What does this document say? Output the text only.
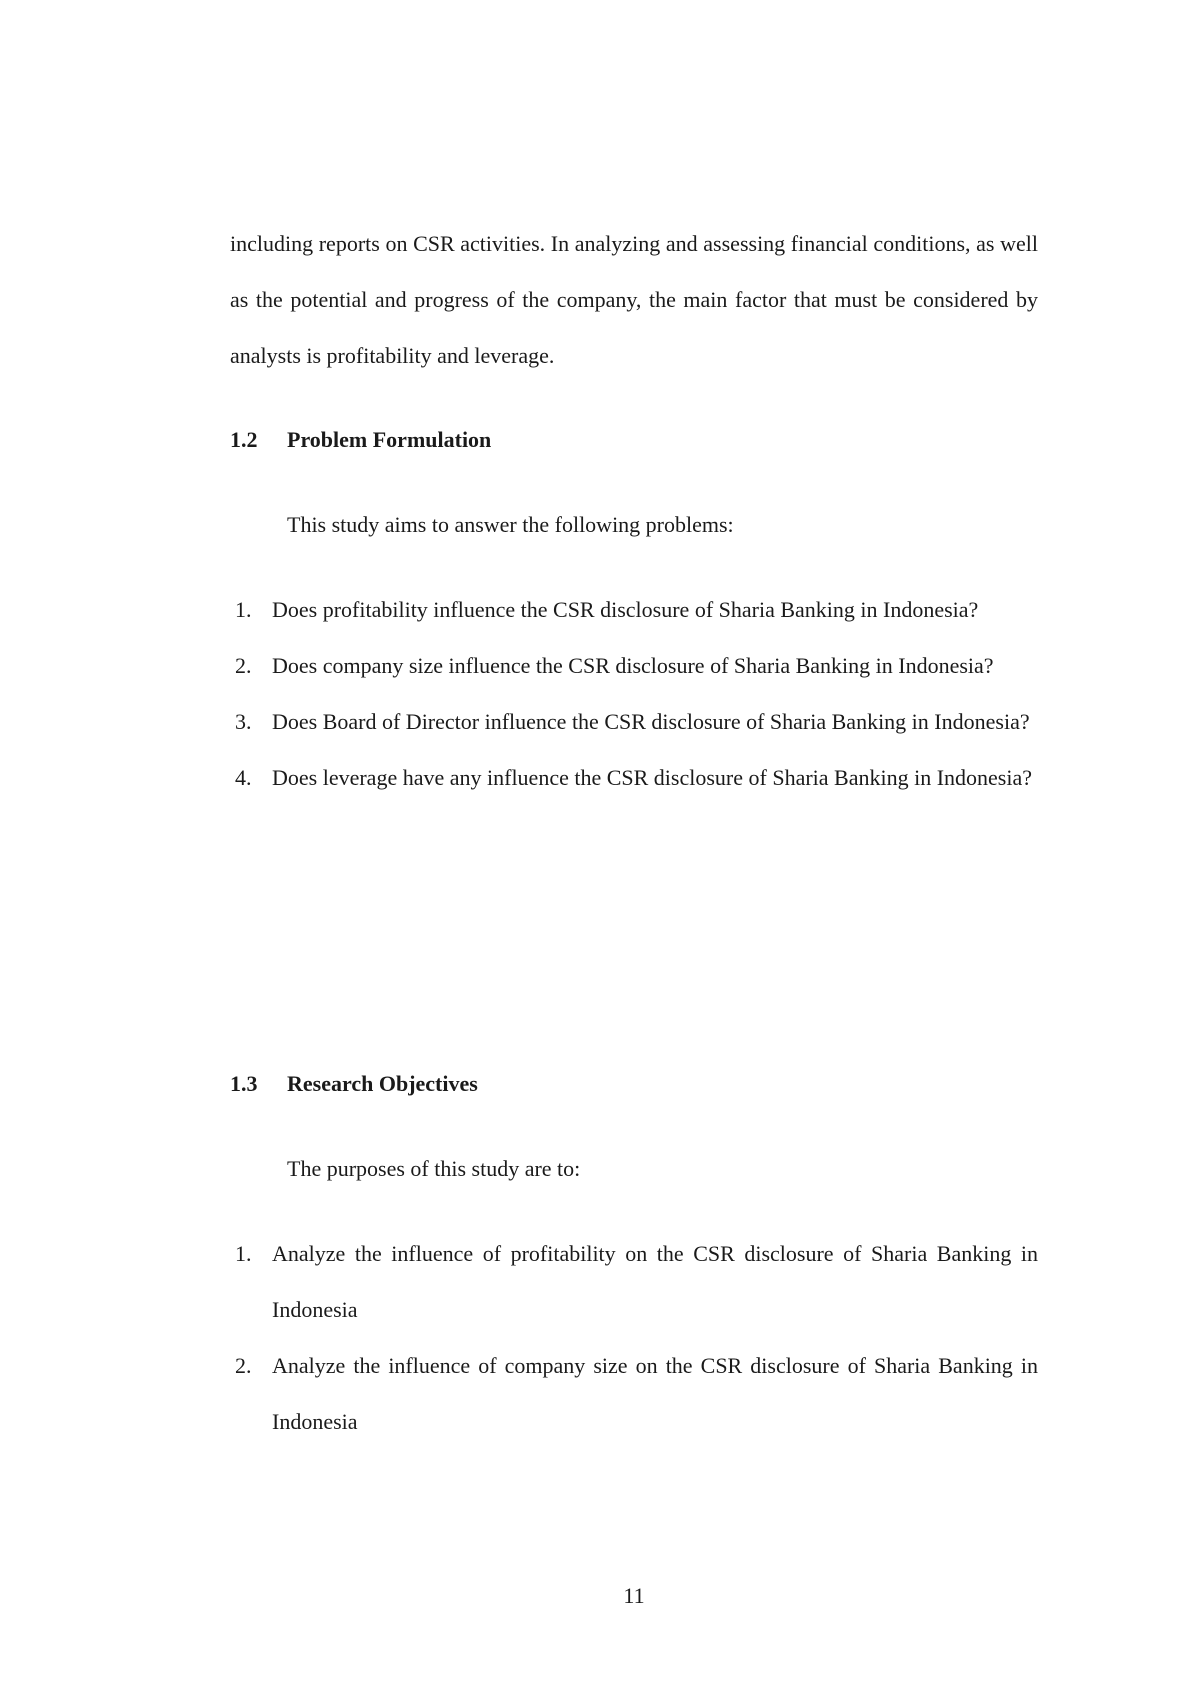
including reports on CSR activities. In analyzing and assessing financial conditions, as well as the potential and progress of the company, the main factor that must be considered by analysts is profitability and leverage.

1.2 Problem Formulation

This study aims to answer the following problems:

1. Does profitability influence the CSR disclosure of Sharia Banking in Indonesia?
2. Does company size influence the CSR disclosure of Sharia Banking in Indonesia?
3. Does Board of Director influence the CSR disclosure of Sharia Banking in Indonesia?
4. Does leverage have any influence the CSR disclosure of Sharia Banking in Indonesia?
1.3 Research Objectives

The purposes of this study are to:

1. Analyze the influence of profitability on the CSR disclosure of Sharia Banking in Indonesia
2. Analyze the influence of company size on the CSR disclosure of Sharia Banking in Indonesia

11
